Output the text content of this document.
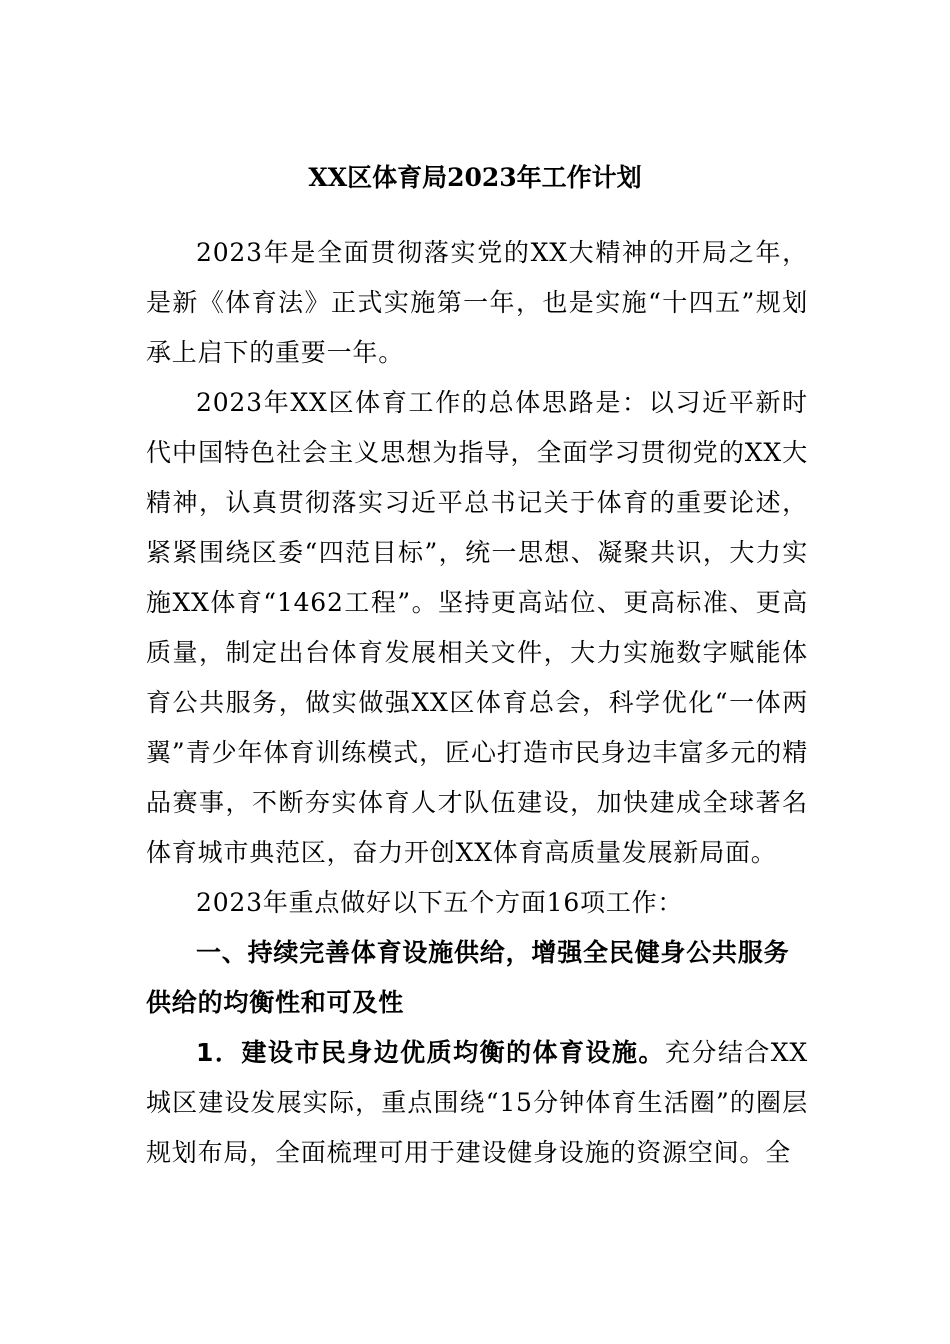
XX区体育局2023年工作计划

2023年是全面贯彻落实党的XX大精神的开局之年，是新《体育法》正式实施第一年，也是实施“十四五”规划承上启下的重要一年。

2023年XX区体育工作的总体思路是：以习近平新时代中国特色社会主义思想为指导，全面学习贯彻党的XX大精神，认真贯彻落实习近平总书记关于体育的重要论述，紧紧围绕区委“四范目标”，统一思想、凝聚共识，大力实施XX体育“1462工程”。坚持更高站位、更高标准、更高质量，制定出台体育发展相关文件，大力实施数字赋能体育公共服务，做实做强XX区体育总会，科学优化“一体两翼”青少年体育训练模式，匠心打造市民身边丰富多元的精品赛事，不断夯实体育人才队伍建设，加快建成全球著名体育城市典范区，奋力开创XX体育高质量发展新局面。

2023年重点做好以下五个方面16项工作：

一、持续完善体育设施供给，增强全民健身公共服务供给的均衡性和可及性

1．建设市民身边优质均衡的体育设施。充分结合XX城区建设发展实际，重点围绕“15分钟体育生活圈”的圈层规划布局，全面梳理可用于建设健身设施的资源空间。全
